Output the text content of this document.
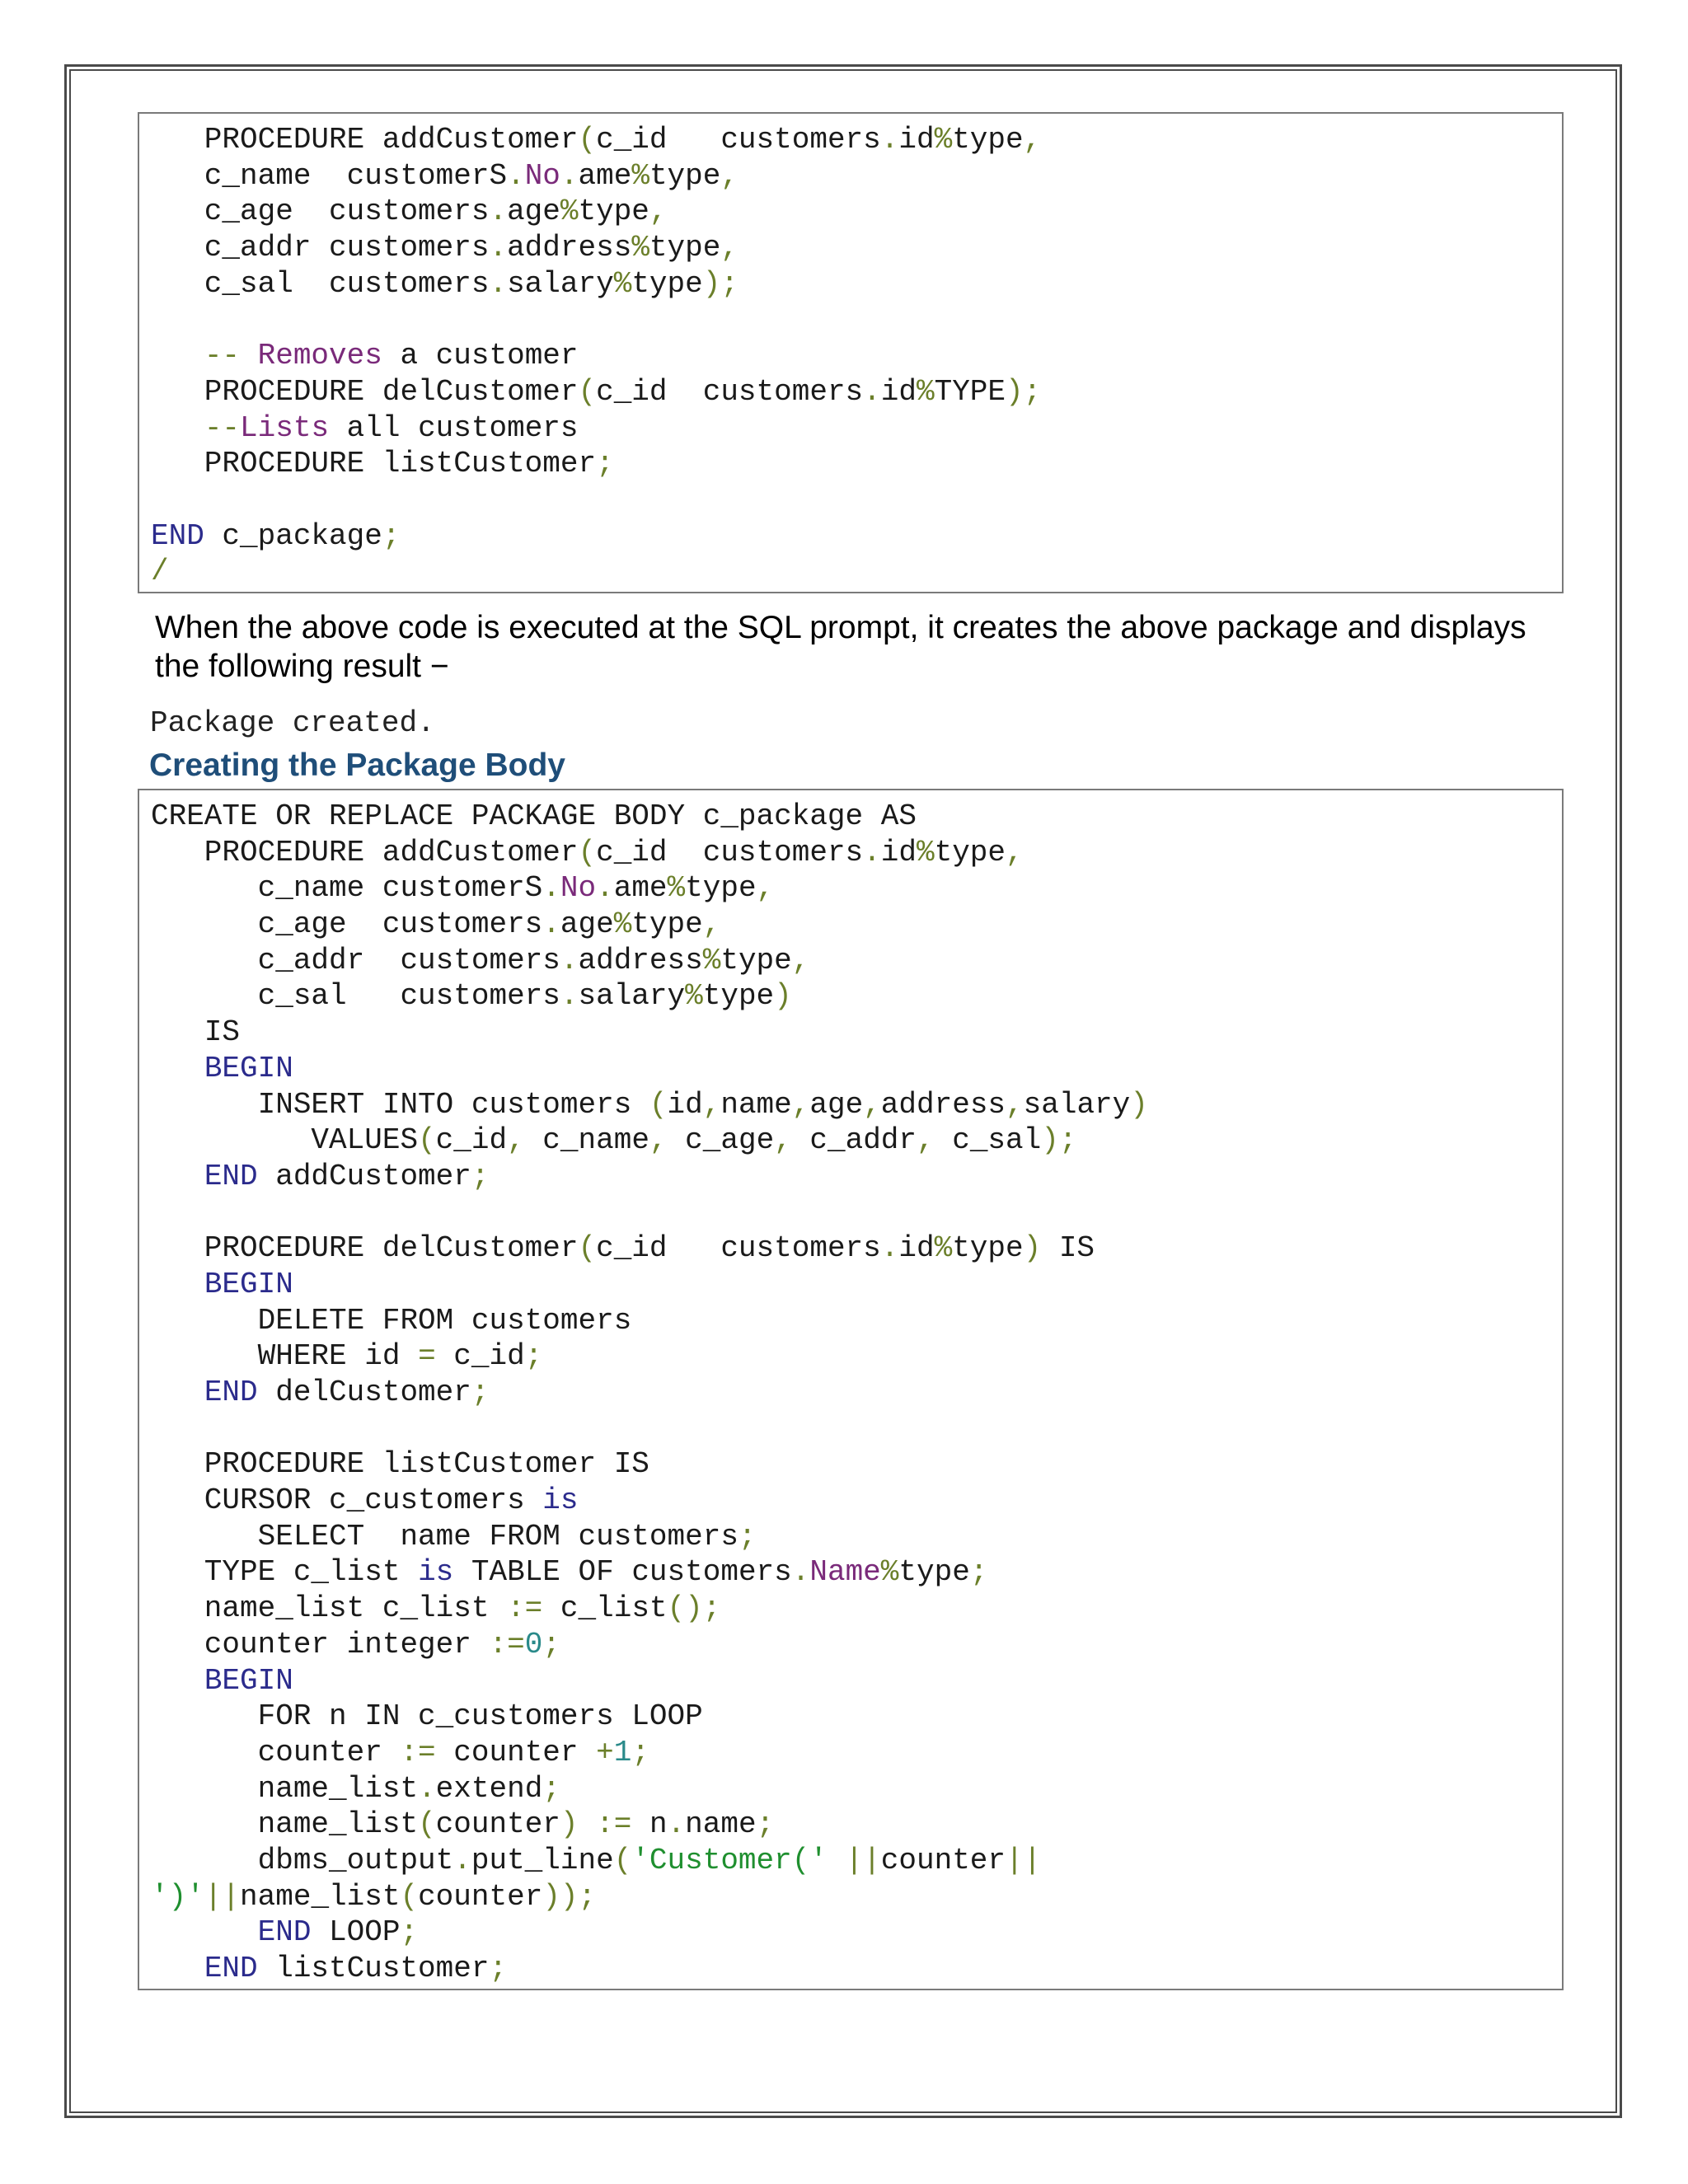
PROCEDURE addCustomer(c_id   customers.id%type,
c_name  customerS.No.ame%type,
c_age  customers.age%type,
c_addr customers.address%type,
c_sal  customers.salary%type);
-- Removes a customer
PROCEDURE delCustomer(c_id  customers.id%TYPE);
--Lists all customers
PROCEDURE listCustomer;
END c_package;
/
When the above code is executed at the SQL prompt, it creates the above package and displays the following result −
Package created.
Creating the Package Body
CREATE OR REPLACE PACKAGE BODY c_package AS
PROCEDURE addCustomer(c_id  customers.id%type,
c_name customerS.No.ame%type,
c_age  customers.age%type,
c_addr  customers.address%type,
c_sal   customers.salary%type)
IS
BEGIN
INSERT INTO customers (id,name,age,address,salary)
VALUES(c_id, c_name, c_age, c_addr, c_sal);
END addCustomer;
PROCEDURE delCustomer(c_id   customers.id%type) IS
BEGIN
DELETE FROM customers
WHERE id = c_id;
END delCustomer;
PROCEDURE listCustomer IS
CURSOR c_customers is
SELECT  name FROM customers;
TYPE c_list is TABLE OF customers.Name%type;
name_list c_list := c_list();
counter integer :=0;
BEGIN
FOR n IN c_customers LOOP
counter := counter +1;
name_list.extend;
name_list(counter) := n.name;
dbms_output.put_line('Customer(' ||counter||
')'||name_list(counter));
END LOOP;
END listCustomer;
